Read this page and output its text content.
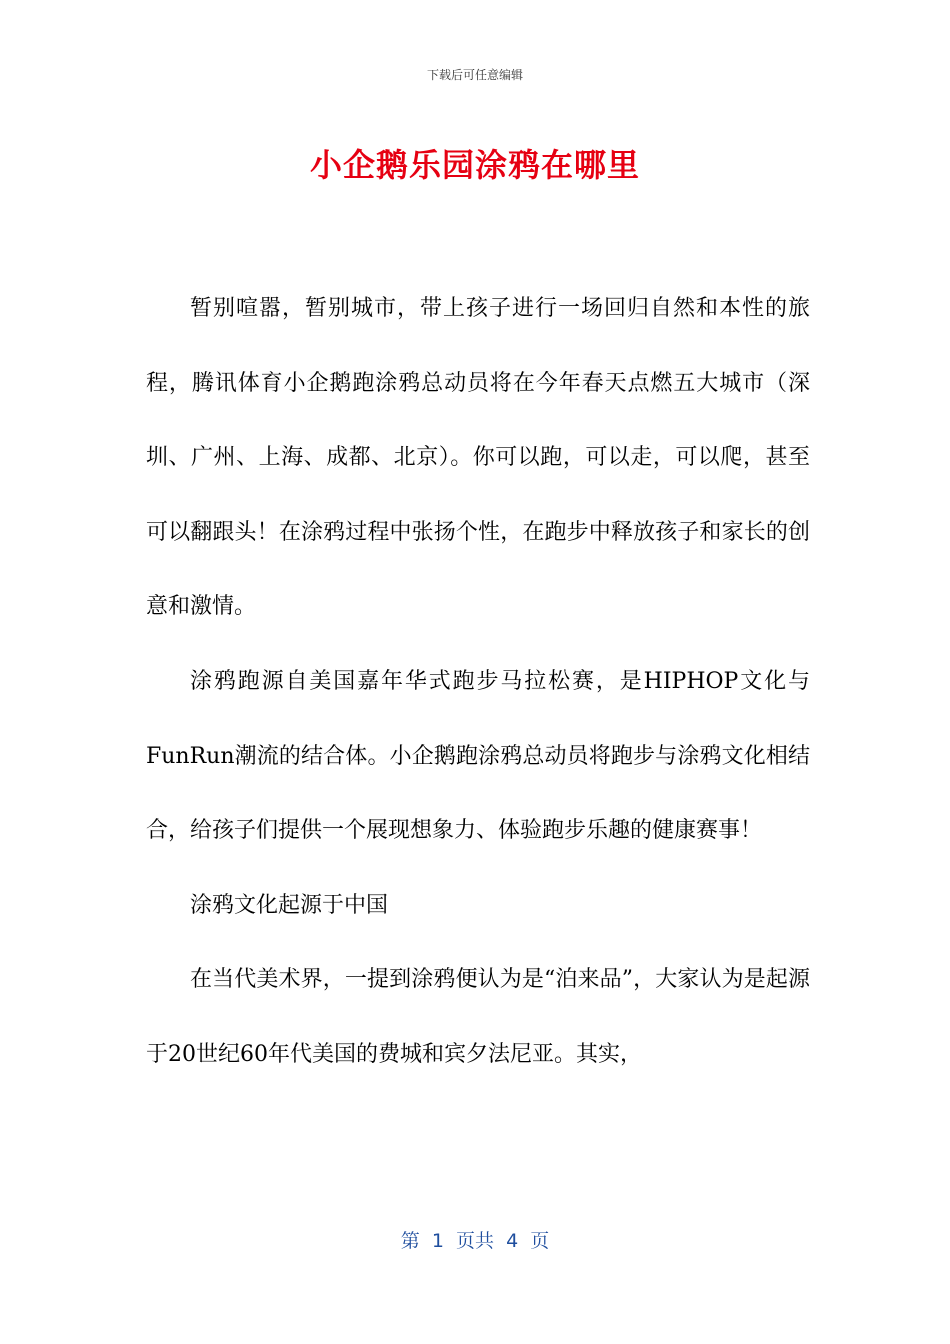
下载后可任意编辑
小企鹅乐园涂鸦在哪里

暂别喧嚣，暂别城市，带上孩子进行一场回归自然和本性的旅程，腾讯体育小企鹅跑涂鸦总动员将在今年春天点燃五大城市（深圳、广州、上海、成都、北京）。你可以跑，可以走，可以爬，甚至可以翻跟头！在涂鸦过程中张扬个性，在跑步中释放孩子和家长的创意和激情。

涂鸦跑源自美国嘉年华式跑步马拉松赛，是HIPHOP文化与FunRun潮流的结合体。小企鹅跑涂鸦总动员将跑步与涂鸦文化相结合，给孩子们提供一个展现想象力、体验跑步乐趣的健康赛事！

涂鸦文化起源于中国

在当代美术界，一提到涂鸦便认为是“泊来品”，大家认为是起源于20世纪60年代美国的费城和宾夕法尼亚。其实，

第  1  页共  4  页
